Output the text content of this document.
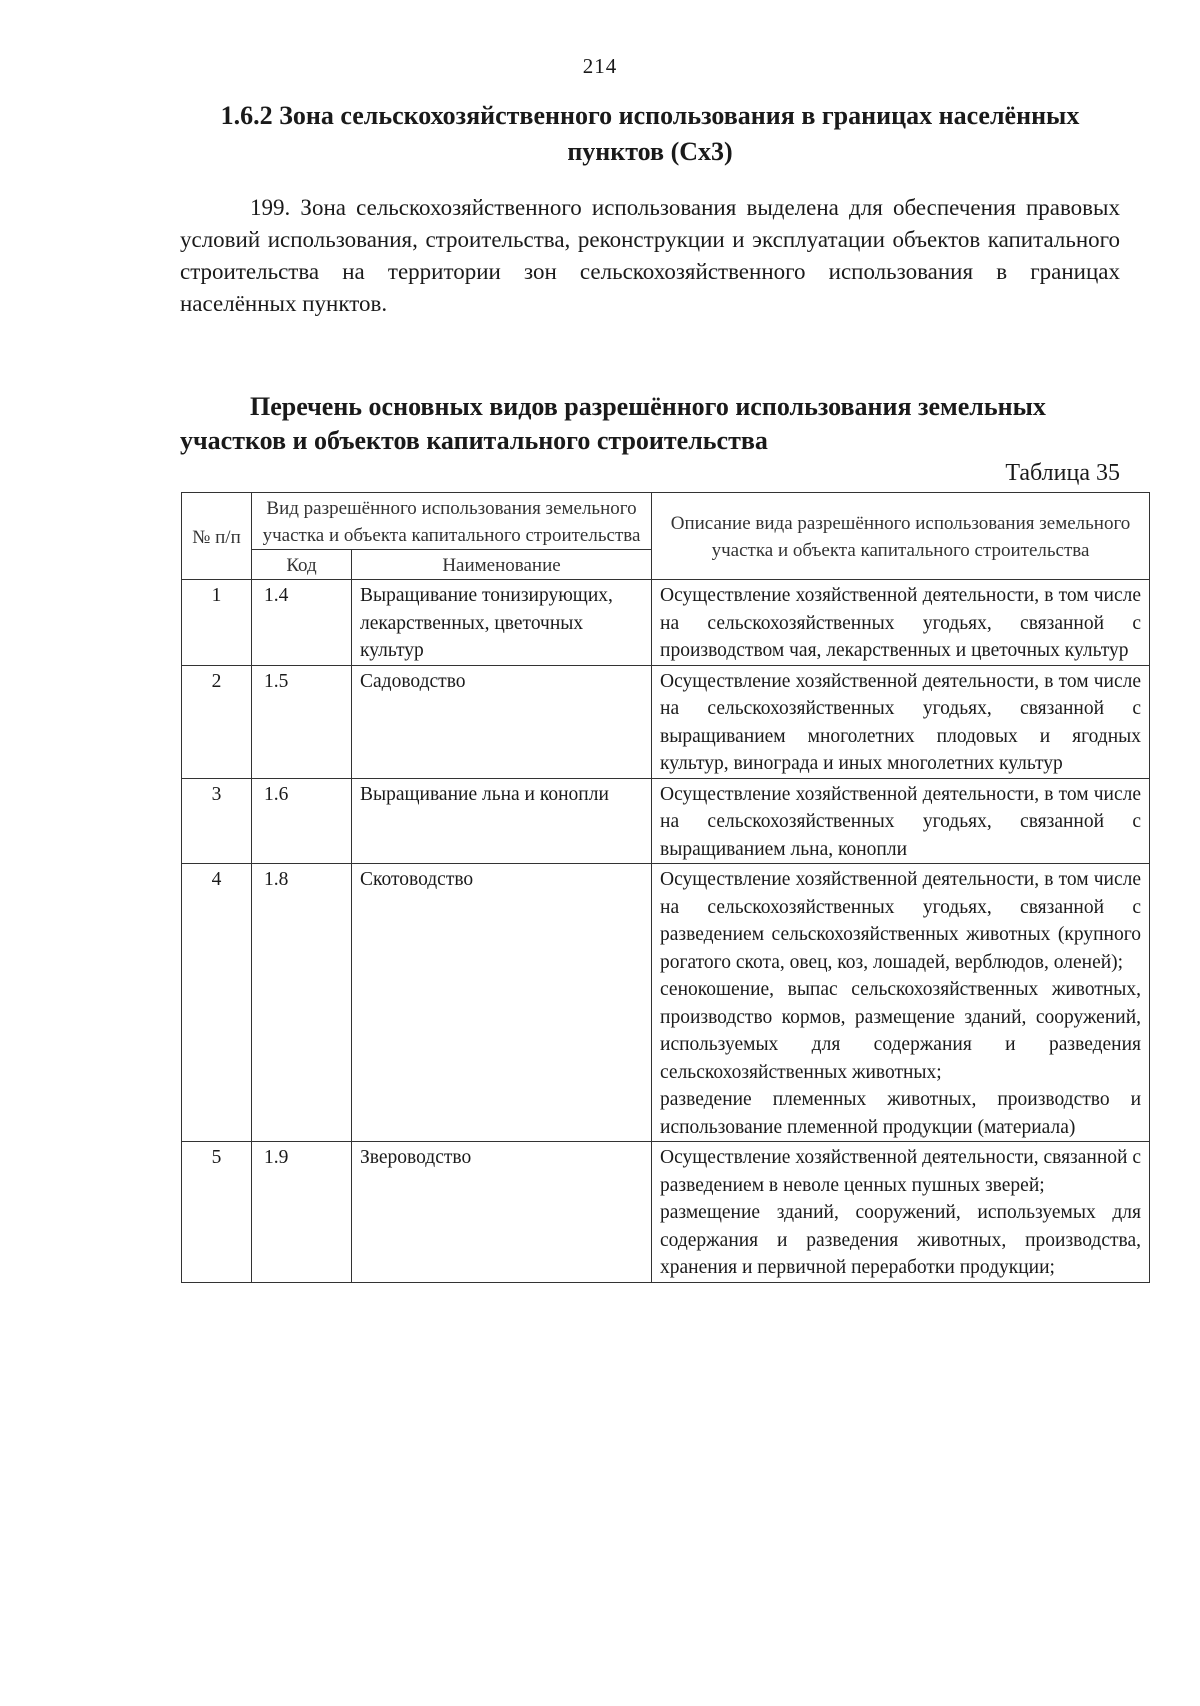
214
1.6.2 Зона сельскохозяйственного использования в границах населённых
пунктов (Сх3)

199. Зона сельскохозяйственного использования выделена для обеспечения правовых условий использования, строительства, реконструкции и эксплуатации объектов капитального строительства на территории зон сельскохозяйственного использования в границах населённых пунктов.

Перечень основных видов разрешённого использования земельных участков и объектов капитального строительства

Таблица 35
№ п/п	Вид разрешённого использования земельного участка и объекта капитального строительства		Описание вида разрешённого использования земельного участка и объекта капитального строительства
	Код	Наименование	
1	1.4	Выращивание тонизирующих, лекарственных, цветочных культур	Осуществление хозяйственной деятельности, в том числе на сельскохозяйственных угодьях, связанной с производством чая, лекарственных и цветочных культур

2	1.5	Садоводство	Осуществление хозяйственной деятельности, в том числе на сельскохозяйственных угодьях, связанной с выращиванием многолетних плодовых и ягодных культур, винограда и иных многолетних культур

3	1.6	Выращивание льна и конопли	Осуществление хозяйственной деятельности, в том числе на сельскохозяйственных угодьях, связанной с выращиванием льна, конопли

4	1.8	Скотоводство	Осуществление хозяйственной деятельности, в том числе на сельскохозяйственных угодьях, связанной с разведением сельскохозяйственных животных (крупного рогатого скота, овец, коз, лошадей, верблюдов, оленей);

сенокошение, выпас сельскохозяйственных животных, производство кормов, размещение зданий, сооружений, используемых для содержания и разведения сельскохозяйственных животных;

разведение племенных животных, производство и использование племенной продукции (материала)

5	1.9	Звероводство	Осуществление хозяйственной деятельности, связанной с разведением в неволе ценных пушных зверей;

размещение зданий, сооружений, используемых для содержания и разведения животных, производства, хранения и первичной переработки продукции;
